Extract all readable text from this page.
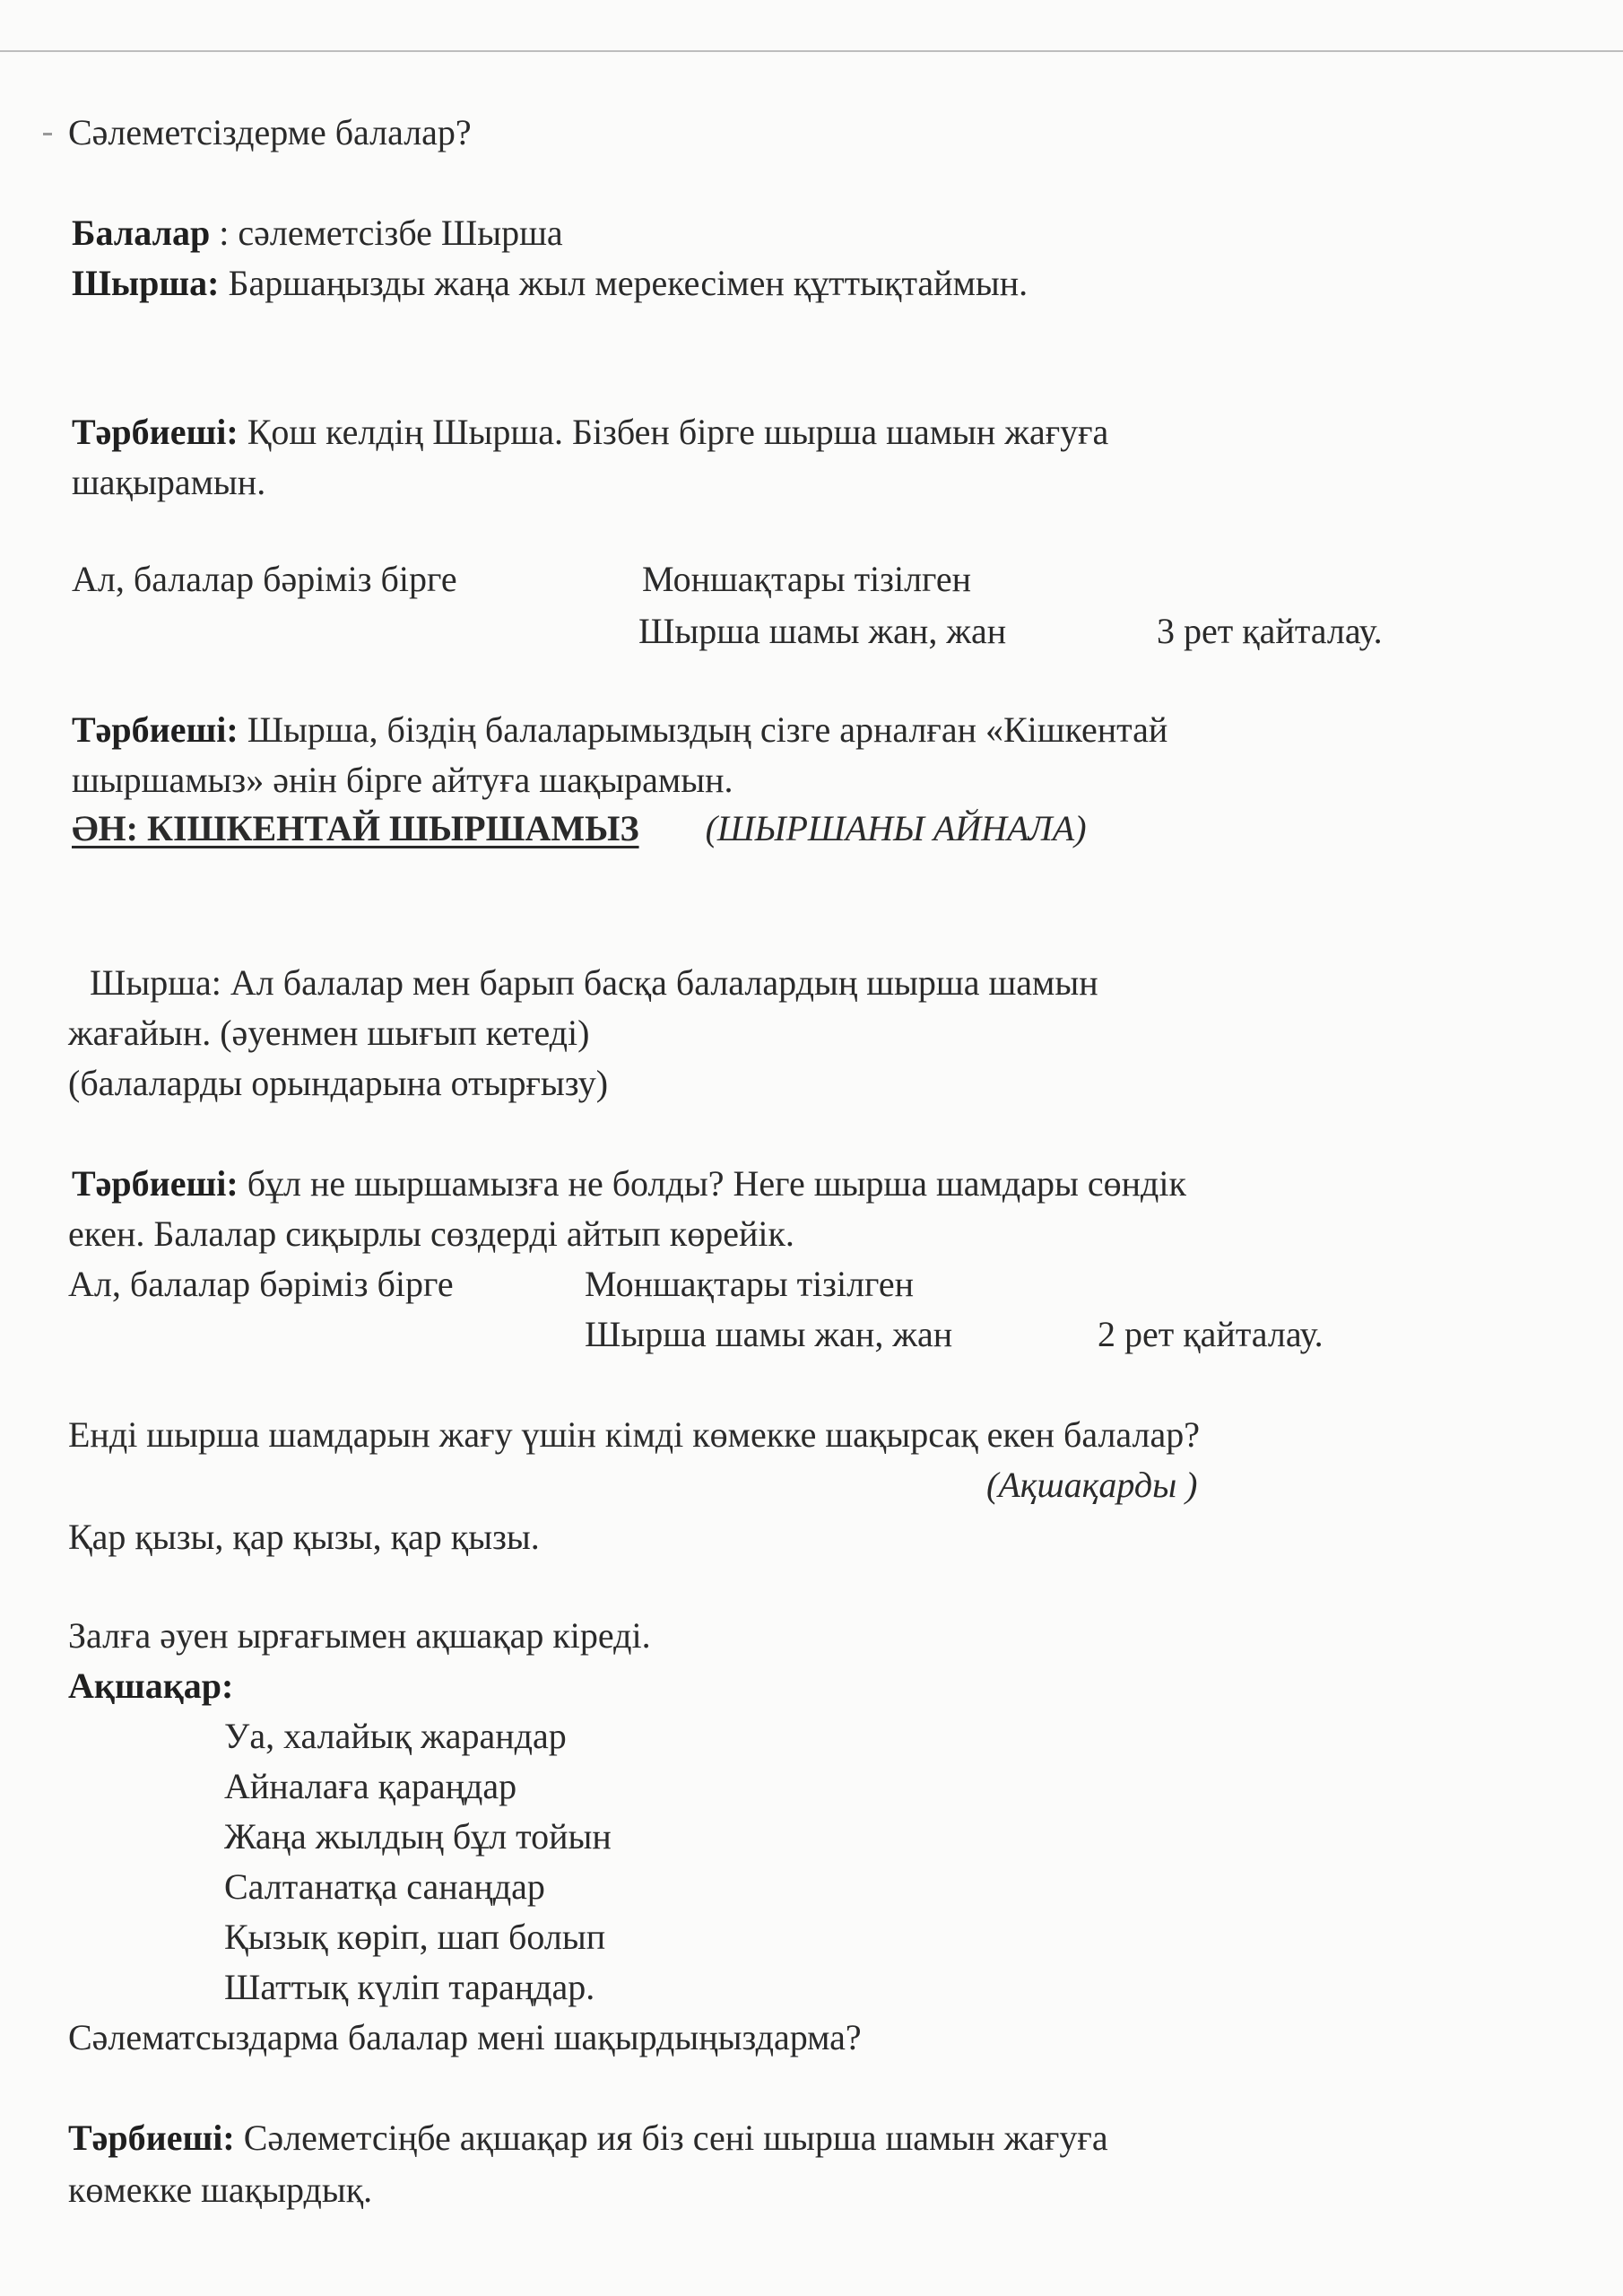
Сәлеметсіздерме балалар?
Балалар : сәлеметсізбе Шырша
Шырша: Баршаңызды жаңа жыл мерекесімен құттықтаймын.
Тәрбиеші: Қош келдің Шырша. Бізбен бірге шырша шамын жағуға
шақырамын.
Ал, балалар бәріміз бірге	Моншақтары тізілген
Шырша шамы жан, жан	3 рет қайталау.
Тәрбиеші: Шырша, біздің балаларымыздың сізге арналған «Кішкентай
шыршамыз» әнін бірге айтуға шақырамын.
ӘН: КІШКЕНТАЙ ШЫРШАМЫЗ (ШЫРШАНЫ АЙНАЛА)
Шырша: Ал балалар мен барып басқа балалардың шырша шамын
жағайын. (әуенмен шығып кетеді)
(балаларды орындарына отырғызу)
Тәрбиеші: бұл не шыршамызға не болды? Неге шырша шамдары сөндік
екен. Балалар сиқырлы сөздерді айтып көрейік.
Ал, балалар бәріміз бірге	Моншақтары тізілген
Шырша шамы жан, жан	2 рет қайталау.
Енді шырша шамдарын жағу үшін кімді көмекке шақырсақ екен балалар?
(Ақшақарды )
Қар қызы, қар қызы, қар қызы.
Залға әуен ырғағымен ақшақар кіреді.
Ақшақар:
Уа, халайық жарандар
Айналаға қараңдар
Жаңа жылдың бұл тойын
Салтанатқа санаңдар
Қызық көріп, шап болып
Шаттық күліп тараңдар.
Сәлематсыздарма балалар мені шақырдыңыздарма?
Тәрбиеші: Сәлеметсіңбе ақшақар ия біз сені шырша шамын жағуға
көмекке шақырдық.
